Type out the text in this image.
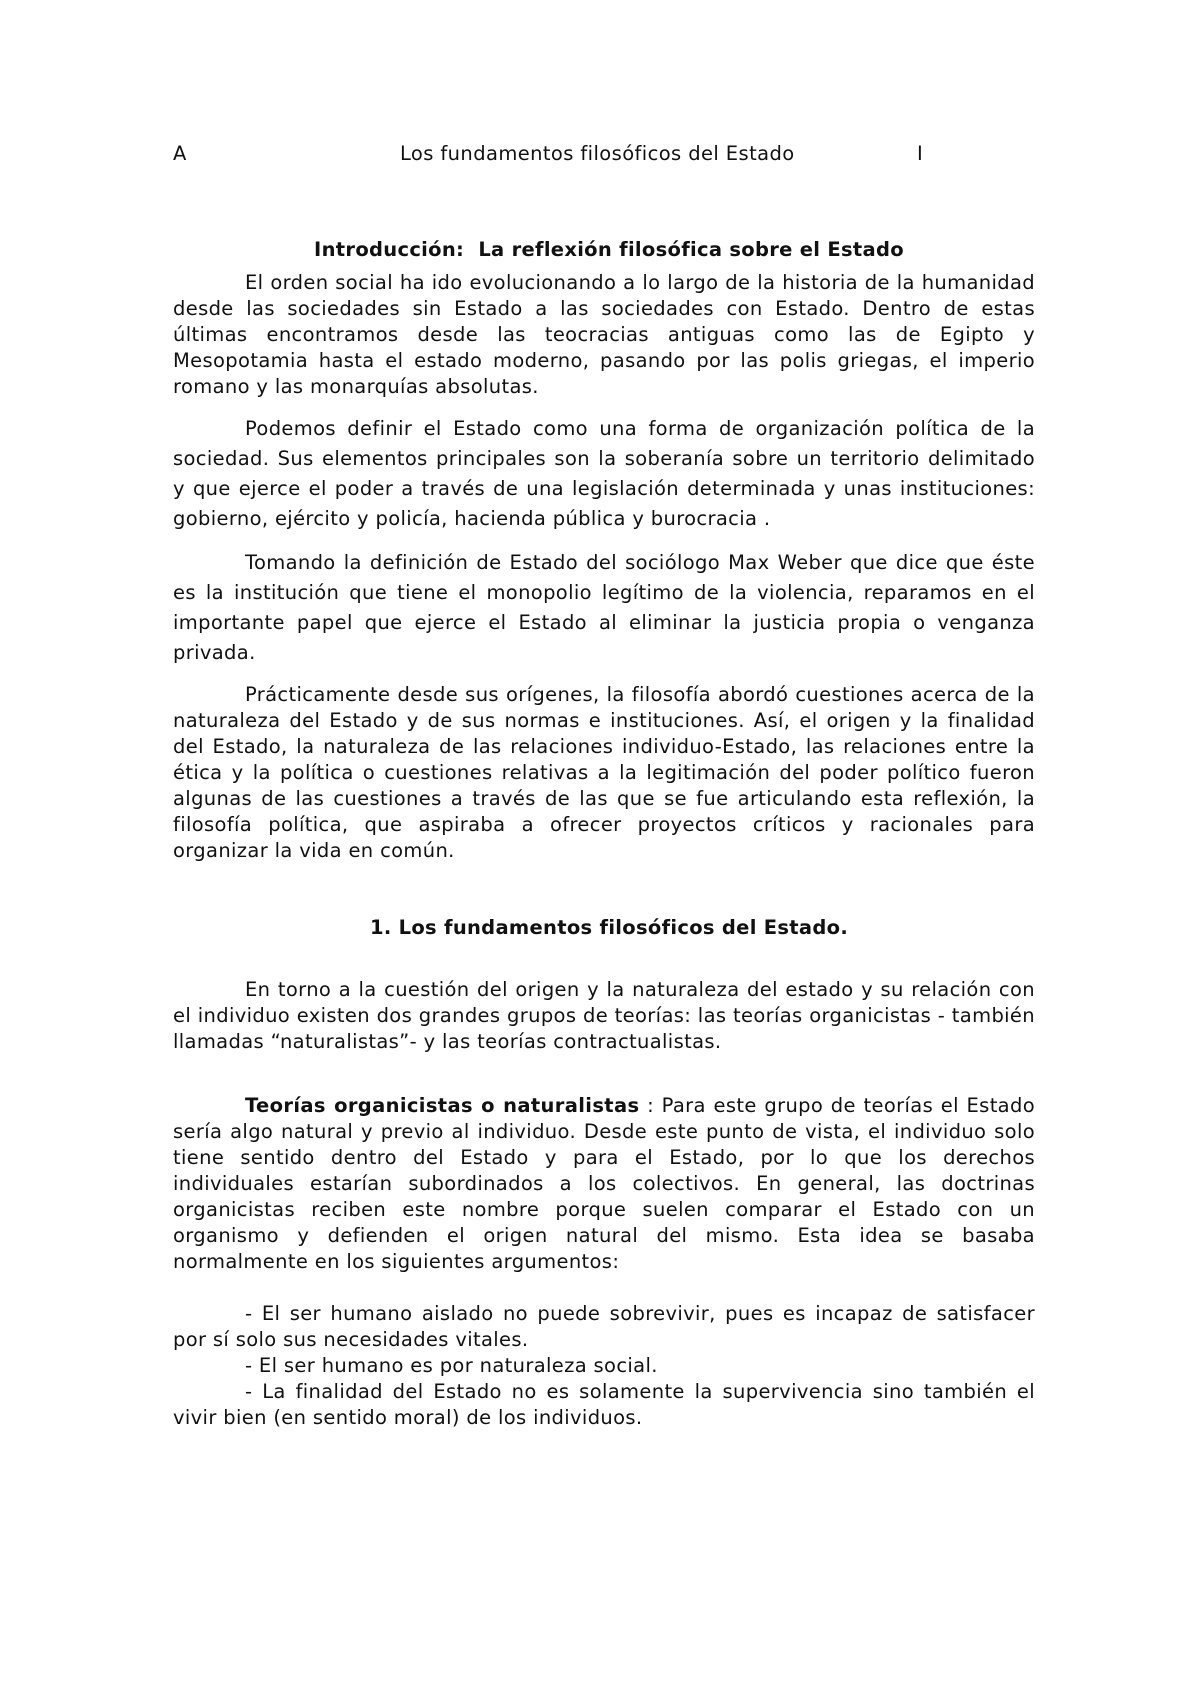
A	Los fundamentos filosóficos del Estado	I
Introducción:  La reflexión filosófica sobre el Estado

El orden social ha ido evolucionando a lo largo de la historia de la humanidad desde las sociedades sin Estado a las sociedades con Estado. Dentro de estas últimas encontramos desde las teocracias antiguas como las de Egipto y Mesopotamia hasta el estado moderno, pasando por las polis griegas, el imperio romano y las monarquías absolutas.

Podemos definir el Estado como una forma de organización política de la sociedad. Sus elementos principales son la soberanía sobre un territorio delimitado y que ejerce el poder a través de una legislación determinada y unas instituciones: gobierno, ejército y policía, hacienda pública y burocracia .

Tomando la definición de Estado del sociólogo Max Weber que dice que éste es la institución que tiene el monopolio legítimo de la violencia, reparamos en el importante papel que ejerce el Estado al eliminar la justicia propia o venganza privada.

Prácticamente desde sus orígenes, la filosofía abordó cuestiones acerca de la naturaleza del Estado y de sus normas e instituciones. Así, el origen y la finalidad del Estado, la naturaleza de las relaciones individuo-Estado, las relaciones entre la ética y la política o cuestiones relativas a la legitimación del poder político fueron algunas de las cuestiones a través de las que se fue articulando esta reflexión, la filosofía política, que aspiraba a ofrecer proyectos críticos y racionales para organizar la vida en común.

1. Los fundamentos filosóficos del Estado.

En torno a la cuestión del origen y la naturaleza del estado y su relación con el individuo existen dos grandes grupos de teorías: las teorías organicistas - también llamadas “naturalistas”- y las teorías contractualistas.

Teorías organicistas o naturalistas : Para este grupo de teorías el Estado sería algo natural y previo al individuo. Desde este punto de vista, el individuo solo tiene sentido dentro del Estado y para el Estado, por lo que los derechos individuales estarían subordinados a los colectivos. En general, las doctrinas organicistas reciben este nombre porque suelen comparar el Estado con un organismo y defienden el origen natural del mismo. Esta idea se basaba normalmente en los siguientes argumentos:

- El ser humano aislado no puede sobrevivir, pues es incapaz de satisfacer por sí solo sus necesidades vitales.

- El ser humano es por naturaleza social.

- La finalidad del Estado no es solamente la supervivencia sino también el vivir bien (en sentido moral) de los individuos.
